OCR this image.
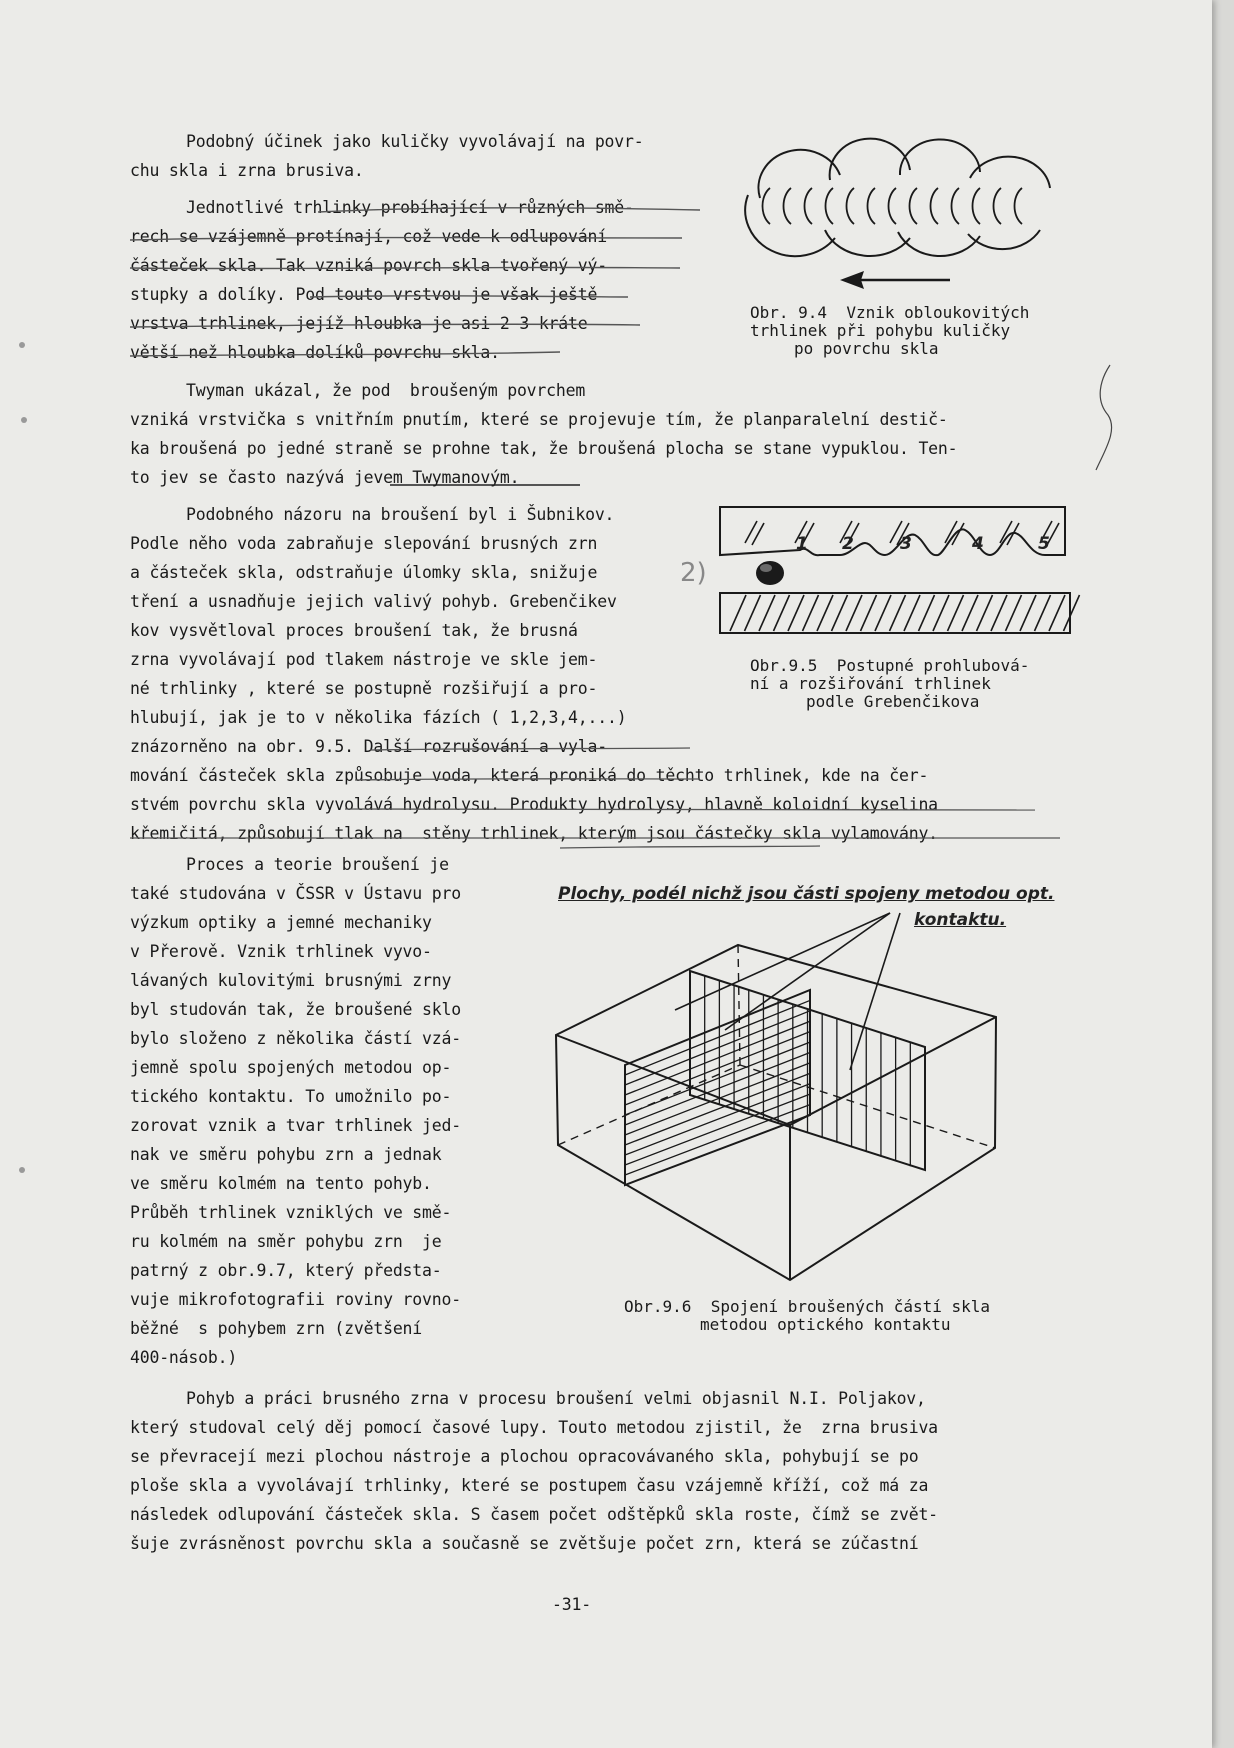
Podobný účinek jako kuličky vyvolávají na povr-
chu skla i zrna brusiva.
Jednotlivé trhlinky probíhající v různých smě-
rech se vzájemně protínají, což vede k odlupování
částeček skla. Tak vzniká povrch skla tvořený vý-
stupky a dolíky. Pod touto vrstvou je však ještě
vrstva trhlinek, jejíž hloubka je asi 2-3 kráte
větší než hloubka dolíků povrchu skla.
Twyman ukázal, že pod  broušeným povrchem
vzniká vrstvička s vnitřním pnutím, které se projevuje tím, že planparalelní destič-
ka broušená po jedné straně se prohne tak, že broušená plocha se stane vypuklou. Ten-
to jev se často nazývá jevem Twymanovým.
Obr. 9.4  Vznik obloukovitých
trhlinek při pohybu kuličky
po povrchu skla
Podobného názoru na broušení byl i Šubnikov.
Podle něho voda zabraňuje slepování brusných zrn
a částeček skla, odstraňuje úlomky skla, snižuje
tření a usnadňuje jejich valivý pohyb. Grebenčikev
kov vysvětloval proces broušení tak, že brusná
zrna vyvolávají pod tlakem nástroje ve skle jem-
né trhlinky , které se postupně rozšiřují a pro-
hlubují, jak je to v několika fázích ( 1,2,3,4,...)
znázorněno na obr. 9.5. Další rozrušování a vyla-
mování částeček skla způsobuje voda, která proniká do těchto trhlinek, kde na čer-
stvém povrchu skla vyvolává hydrolysu. Produkty hydrolysy, hlavně koloidní kyselina
křemičitá, způsobují tlak na  stěny trhlinek, kterým jsou částečky skla vylamovány.
1 2	3	4	5
2)
Obr.9.5  Postupné prohlubová-
ní a rozšiřování trhlinek
podle Grebenčikova
Proces a teorie broušení je
také studována v ČSSR v Ústavu pro
výzkum optiky a jemné mechaniky
v Přerově. Vznik trhlinek vyvo-
lávaných kulovitými brusnými zrny
byl studován tak, že broušené sklo
bylo složeno z několika částí vzá-
jemně spolu spojených metodou op-
tického kontaktu. To umožnilo po-
zorovat vznik a tvar trhlinek jed-
nak ve směru pohybu zrn a jednak
ve směru kolmém na tento pohyb.
Průběh trhlinek vzniklých ve smě-
ru kolmém na směr pohybu zrn  je
patrný z obr.9.7, který předsta-
vuje mikrofotografii roviny rovno-
běžné  s pohybem zrn (zvětšení
400-násob.)
Plochy, podél nichž jsou části spojeny metodou opt.
kontaktu.
Obr.9.6  Spojení broušených částí skla
metodou optického kontaktu
Pohyb a práci brusného zrna v procesu broušení velmi objasnil N.I. Poljakov,
který studoval celý děj pomocí časové lupy. Touto metodou zjistil, že  zrna brusiva
se převracejí mezi plochou nástroje a plochou opracovávaného skla, pohybují se po
ploše skla a vyvolávají trhlinky, které se postupem času vzájemně kříží, což má za
následek odlupování částeček skla. S časem počet odštěpků skla roste, čímž se zvět-
šuje zvrásněnost povrchu skla a současně se zvětšuje počet zrn, která se zúčastní
-31-
